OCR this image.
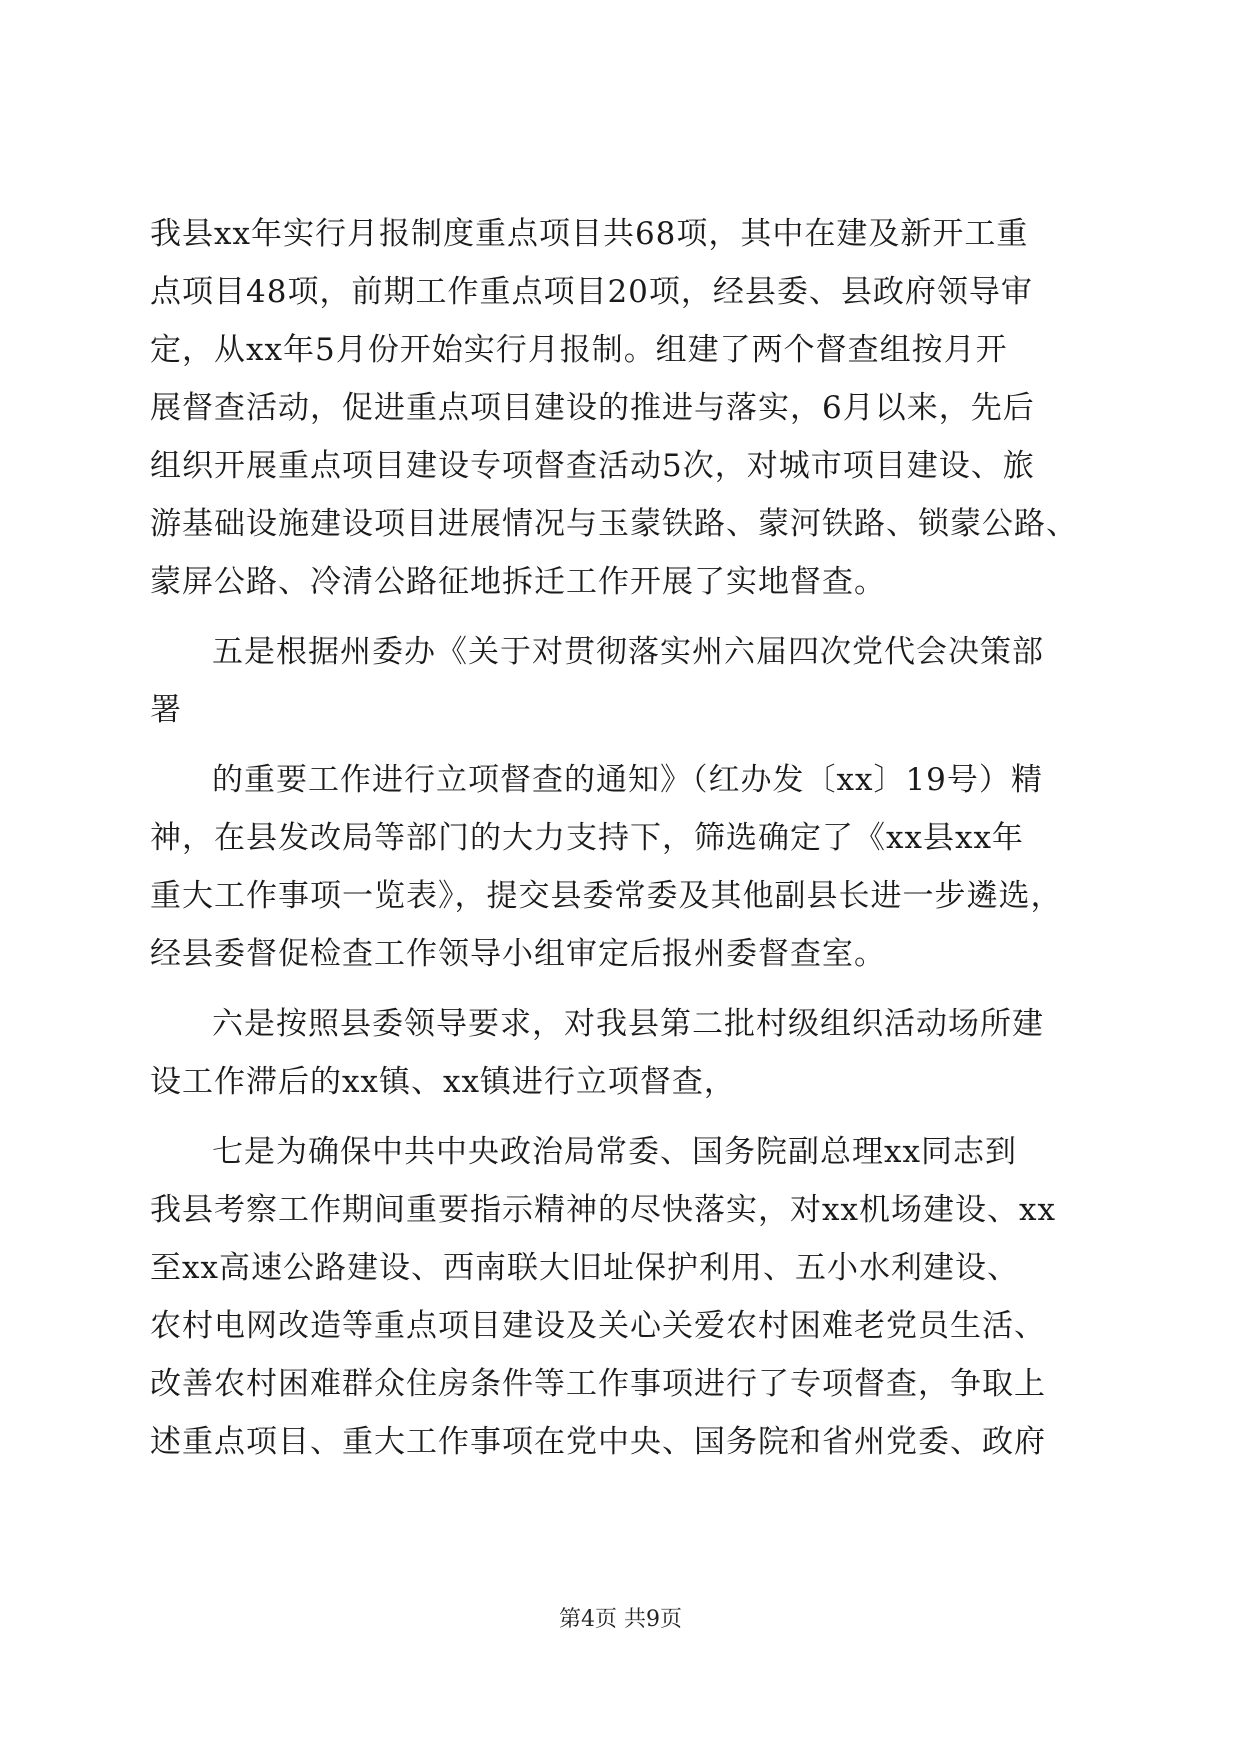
我县xx年实行月报制度重点项目共68项，其中在建及新开工重
点项目48项，前期工作重点项目20项，经县委、县政府领导审
定，从xx年5月份开始实行月报制。组建了两个督查组按月开
展督查活动，促进重点项目建设的推进与落实，6月以来，先后
组织开展重点项目建设专项督查活动5次，对城市项目建设、旅
游基础设施建设项目进展情况与玉蒙铁路、蒙河铁路、锁蒙公路、
蒙屏公路、冷清公路征地拆迁工作开展了实地督查。
五是根据州委办《关于对贯彻落实州六届四次党代会决策部
署
的重要工作进行立项督查的通知》（红办发〔xx〕19号）精
神，在县发改局等部门的大力支持下，筛选确定了《xx县xx年
重大工作事项一览表》，提交县委常委及其他副县长进一步遴选，
经县委督促检查工作领导小组审定后报州委督查室。
六是按照县委领导要求，对我县第二批村级组织活动场所建
设工作滞后的xx镇、xx镇进行立项督查，
七是为确保中共中央政治局常委、国务院副总理xx同志到
我县考察工作期间重要指示精神的尽快落实，对xx机场建设、xx
至xx高速公路建设、西南联大旧址保护利用、五小水利建设、
农村电网改造等重点项目建设及关心关爱农村困难老党员生活、
改善农村困难群众住房条件等工作事项进行了专项督查，争取上
述重点项目、重大工作事项在党中央、国务院和省州党委、政府
第4页 共9页
